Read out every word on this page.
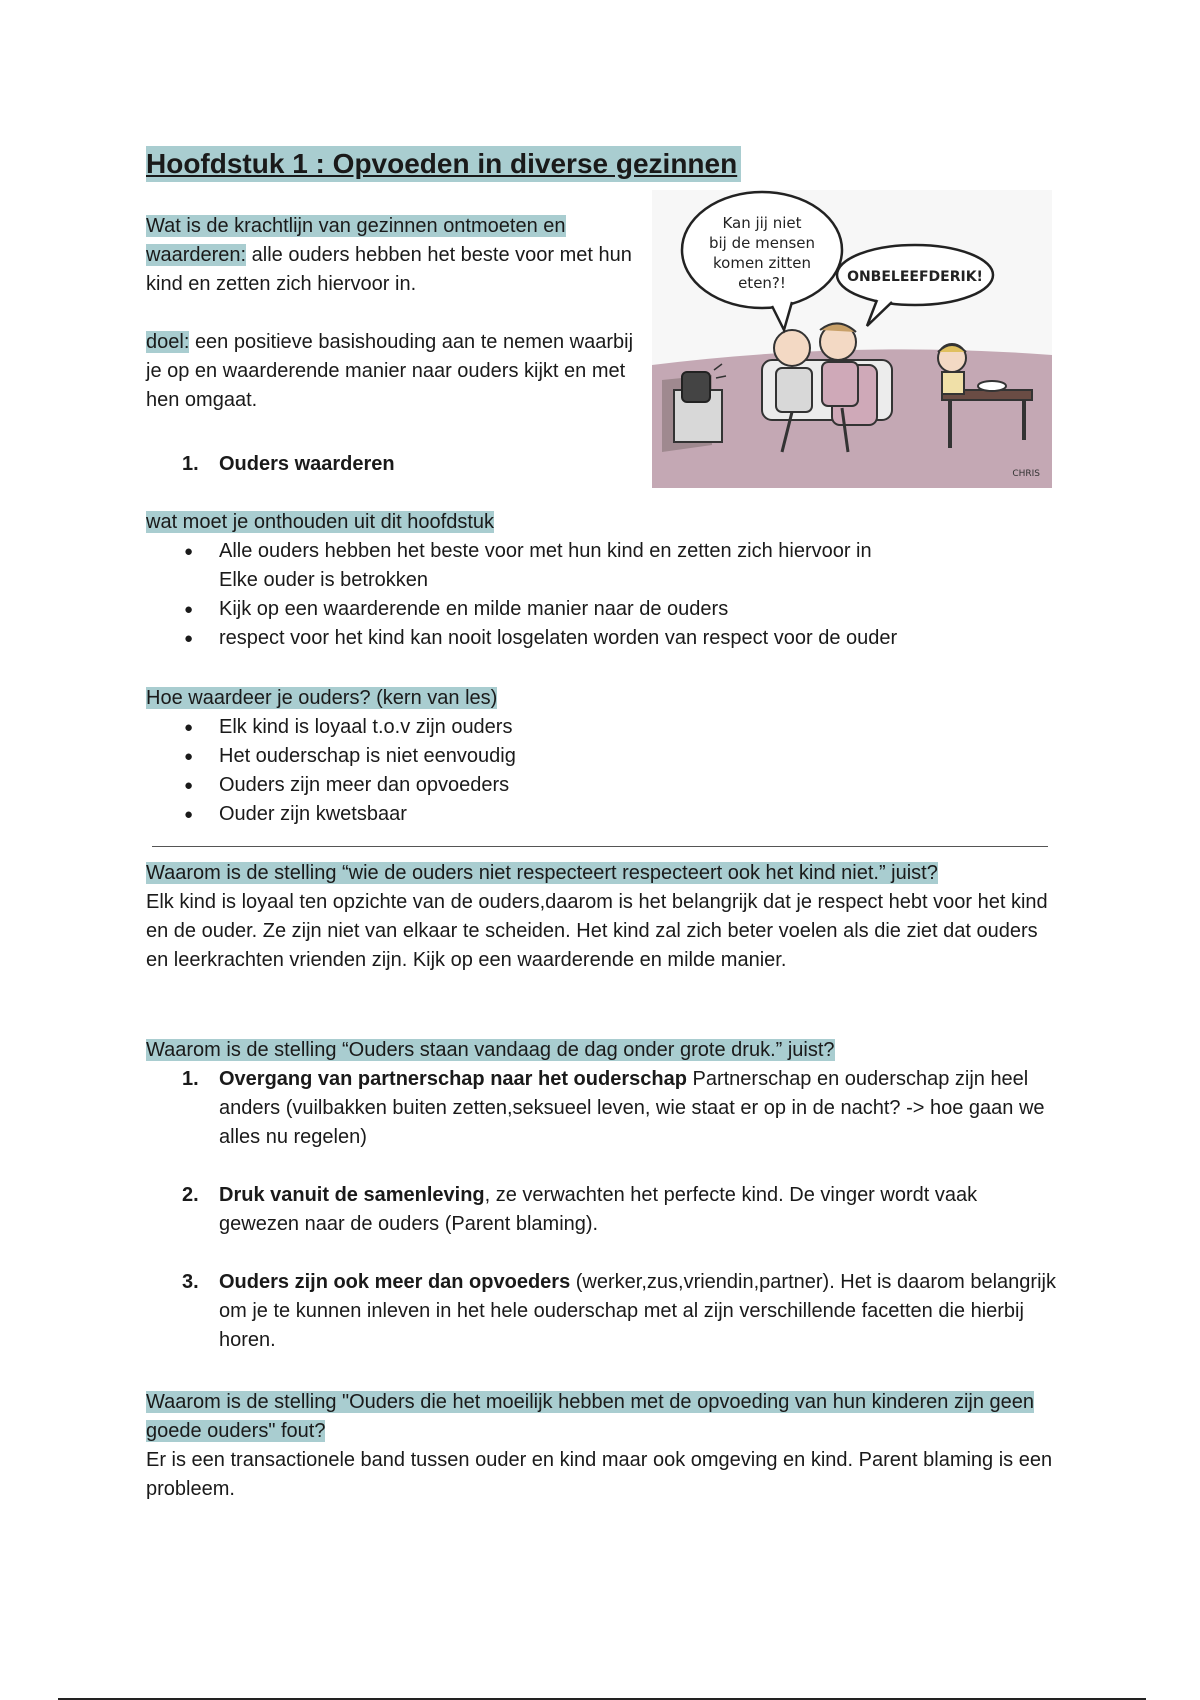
Hoofdstuk 1 : Opvoeden in diverse gezinnen

Wat is de krachtlijn van gezinnen ontmoeten en waarderen: alle ouders hebben het beste voor met hun kind en zetten zich hiervoor in.

doel: een positieve basishouding aan te nemen waarbij je op en waarderende manier naar ouders kijkt en met hen omgaat.

Kan jij niet
bij de mensen
komen zitten
eten?!	ONBELEEFDERIK!
CHRIS
1. Ouders waarderen

wat moet je onthouden uit dit hoofdstuk

● Alle ouders hebben het beste voor met hun kind en zetten zich hiervoor in
Elke ouder is betrokken
● Kijk op een waarderende en milde manier naar de ouders
● respect voor het kind kan nooit losgelaten worden van respect voor de ouder

Hoe waardeer je ouders? (kern van les)

● Elk kind is loyaal t.o.v zijn ouders
● Het ouderschap is niet eenvoudig
● Ouders zijn meer dan opvoeders
● Ouder zijn kwetsbaar

Waarom is de stelling “wie de ouders niet respecteert respecteert ook het kind niet.” juist?

Elk kind is loyaal ten opzichte van de ouders,daarom is het belangrijk dat je respect hebt voor het kind en de ouder. Ze zijn niet van elkaar te scheiden. Het kind zal zich beter voelen als die ziet dat ouders en leerkrachten vrienden zijn. Kijk op een waarderende en milde manier.

Waarom is de stelling “Ouders staan vandaag de dag onder grote druk.” juist?

1. Overgang van partnerschap naar het ouderschap Partnerschap en ouderschap zijn heel anders (vuilbakken buiten zetten,seksueel leven, wie staat er op in de nacht? -> hoe gaan we alles nu regelen)
2. Druk vanuit de samenleving, ze verwachten het perfecte kind. De vinger wordt vaak gewezen naar de ouders (Parent blaming).
3. Ouders zijn ook meer dan opvoeders (werker,zus,vriendin,partner). Het is daarom belangrijk om je te kunnen inleven in het hele ouderschap met al zijn verschillende facetten die hierbij horen.

Waarom is de stelling "Ouders die het moeilijk hebben met de opvoeding van hun kinderen zijn geen goede ouders" fout?

Er is een transactionele band tussen ouder en kind maar ook omgeving en kind. Parent blaming is een probleem.
